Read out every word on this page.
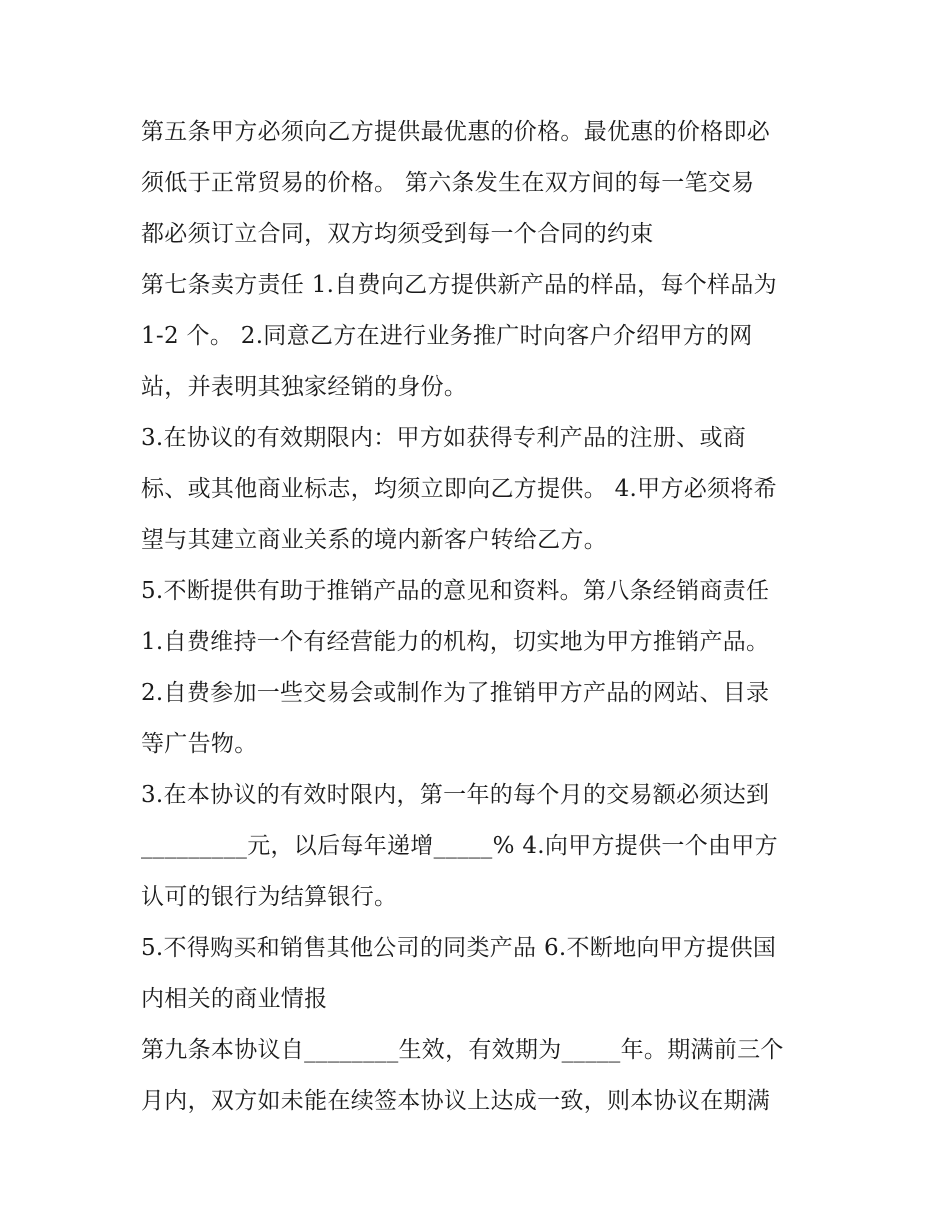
第五条甲方必须向乙方提供最优惠的价格。最优惠的价格即必
须低于正常贸易的价格。 第六条发生在双方间的每一笔交易
都必须订立合同，双方均须受到每一个合同的约束
第七条卖方责任 1.自费向乙方提供新产品的样品，每个样品为
1-2 个。 2.同意乙方在进行业务推广时向客户介绍甲方的网
站，并表明其独家经销的身份。
3.在协议的有效期限内：甲方如获得专利产品的注册、或商
标、或其他商业标志，均须立即向乙方提供。 4.甲方必须将希
望与其建立商业关系的境内新客户转给乙方。
5.不断提供有助于推销产品的意见和资料。第八条经销商责任
1.自费维持一个有经营能力的机构，切实地为甲方推销产品。
2.自费参加一些交易会或制作为了推销甲方产品的网站、目录
等广告物。
3.在本协议的有效时限内，第一年的每个月的交易额必须达到
_________元，以后每年递增_____% 4.向甲方提供一个由甲方
认可的银行为结算银行。
5.不得购买和销售其他公司的同类产品 6.不断地向甲方提供国
内相关的商业情报
第九条本协议自________生效，有效期为_____年。期满前三个
月内，双方如未能在续签本协议上达成一致，则本协议在期满
